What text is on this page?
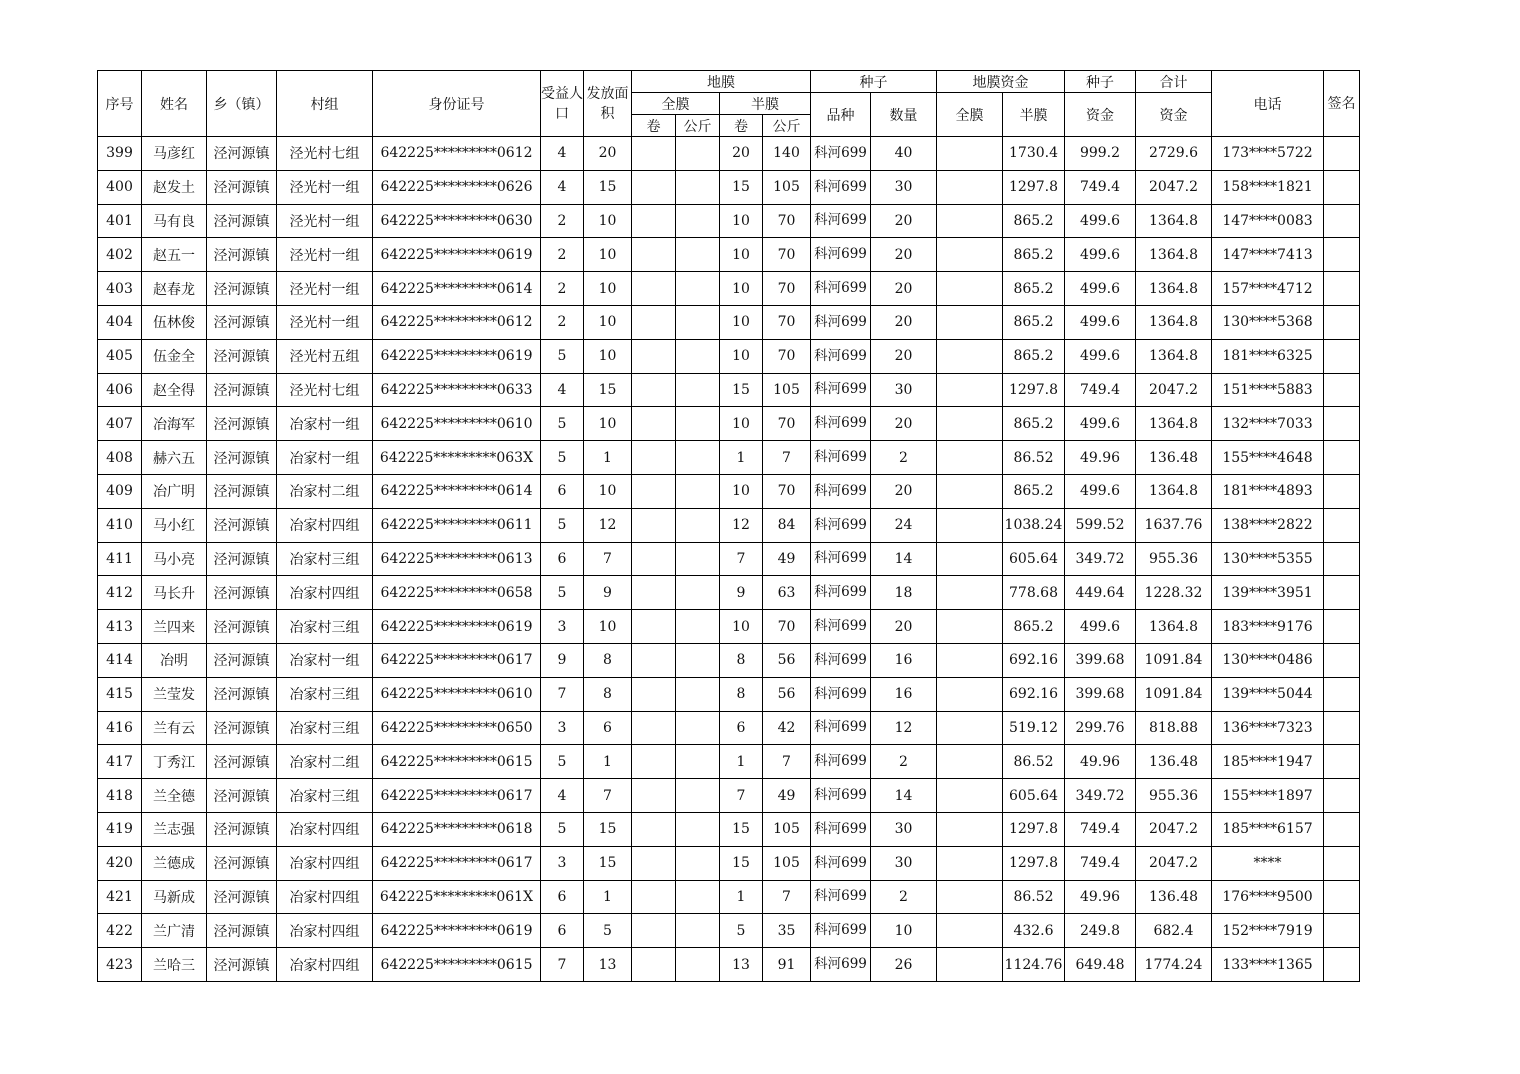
序号	姓名	乡（镇）	村组	身份证号	受益人口	发放面积	地膜				种子		地膜资金		种子	合计	电话	签名
							全膜		半膜		品种	数量	全膜	半膜	资金	资金		
							卷	公斤	卷	公斤								
399	马彦红	泾河源镇	泾光村七组	642225*********0612	4	20			20	140	科河699	40		1730.4	999.2	2729.6	173****5722	
400	赵发土	泾河源镇	泾光村一组	642225*********0626	4	15			15	105	科河699	30		1297.8	749.4	2047.2	158****1821	
401	马有良	泾河源镇	泾光村一组	642225*********0630	2	10			10	70	科河699	20		865.2	499.6	1364.8	147****0083	
402	赵五一	泾河源镇	泾光村一组	642225*********0619	2	10			10	70	科河699	20		865.2	499.6	1364.8	147****7413	
403	赵春龙	泾河源镇	泾光村一组	642225*********0614	2	10			10	70	科河699	20		865.2	499.6	1364.8	157****4712	
404	伍林俊	泾河源镇	泾光村一组	642225*********0612	2	10			10	70	科河699	20		865.2	499.6	1364.8	130****5368	
405	伍金全	泾河源镇	泾光村五组	642225*********0619	5	10			10	70	科河699	20		865.2	499.6	1364.8	181****6325	
406	赵全得	泾河源镇	泾光村七组	642225*********0633	4	15			15	105	科河699	30		1297.8	749.4	2047.2	151****5883	
407	冶海军	泾河源镇	冶家村一组	642225*********0610	5	10			10	70	科河699	20		865.2	499.6	1364.8	132****7033	
408	赫六五	泾河源镇	冶家村一组	642225*********063X	5	1			1	7	科河699	2		86.52	49.96	136.48	155****4648	
409	冶广明	泾河源镇	冶家村二组	642225*********0614	6	10			10	70	科河699	20		865.2	499.6	1364.8	181****4893	
410	马小红	泾河源镇	冶家村四组	642225*********0611	5	12			12	84	科河699	24		1038.24	599.52	1637.76	138****2822	
411	马小亮	泾河源镇	冶家村三组	642225*********0613	6	7			7	49	科河699	14		605.64	349.72	955.36	130****5355	
412	马长升	泾河源镇	冶家村四组	642225*********0658	5	9			9	63	科河699	18		778.68	449.64	1228.32	139****3951	
413	兰四来	泾河源镇	冶家村三组	642225*********0619	3	10			10	70	科河699	20		865.2	499.6	1364.8	183****9176	
414	冶明	泾河源镇	冶家村一组	642225*********0617	9	8			8	56	科河699	16		692.16	399.68	1091.84	130****0486	
415	兰莹发	泾河源镇	冶家村三组	642225*********0610	7	8			8	56	科河699	16		692.16	399.68	1091.84	139****5044	
416	兰有云	泾河源镇	冶家村三组	642225*********0650	3	6			6	42	科河699	12		519.12	299.76	818.88	136****7323	
417	丁秀江	泾河源镇	冶家村二组	642225*********0615	5	1			1	7	科河699	2		86.52	49.96	136.48	185****1947	
418	兰全德	泾河源镇	冶家村三组	642225*********0617	4	7			7	49	科河699	14		605.64	349.72	955.36	155****1897	
419	兰志强	泾河源镇	冶家村四组	642225*********0618	5	15			15	105	科河699	30		1297.8	749.4	2047.2	185****6157	
420	兰德成	泾河源镇	冶家村四组	642225*********0617	3	15			15	105	科河699	30		1297.8	749.4	2047.2	****	
421	马新成	泾河源镇	冶家村四组	642225*********061X	6	1			1	7	科河699	2		86.52	49.96	136.48	176****9500	
422	兰广清	泾河源镇	冶家村四组	642225*********0619	6	5			5	35	科河699	10		432.6	249.8	682.4	152****7919	
423	兰哈三	泾河源镇	冶家村四组	642225*********0615	7	13			13	91	科河699	26		1124.76	649.48	1774.24	133****1365	
